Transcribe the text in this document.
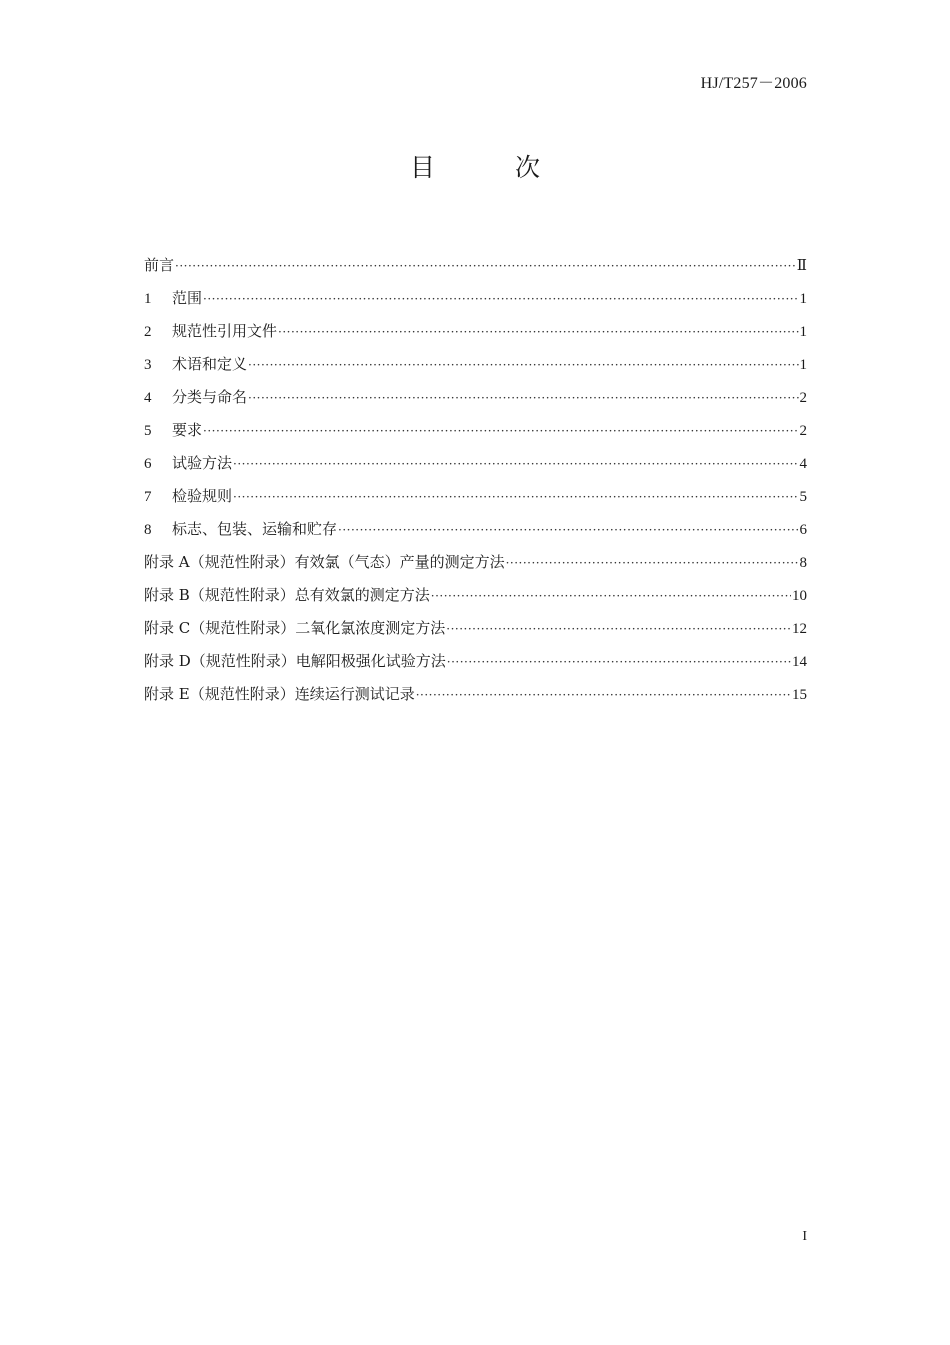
HJ/T257－2006
目 次
前言 ·····	Ⅱ
1 范围 ·····	1
2 规范性引用文件 ·····	1
3 术语和定义 ·····	1
4 分类与命名 ·····	2
5 要求 ·····	2
6 试验方法 ·····	4
7 检验规则 ·····	5
8 标志、包装、运输和贮存 ·····	6
附录 A（规范性附录）有效氯（气态）产量的测定方法 ·····	8
附录 B（规范性附录）总有效氯的测定方法 ·····	10
附录 C（规范性附录）二氧化氯浓度测定方法 ·····	12
附录 D（规范性附录）电解阳极强化试验方法 ·····	14
附录 E（规范性附录）连续运行测试记录 ·····	15
I
